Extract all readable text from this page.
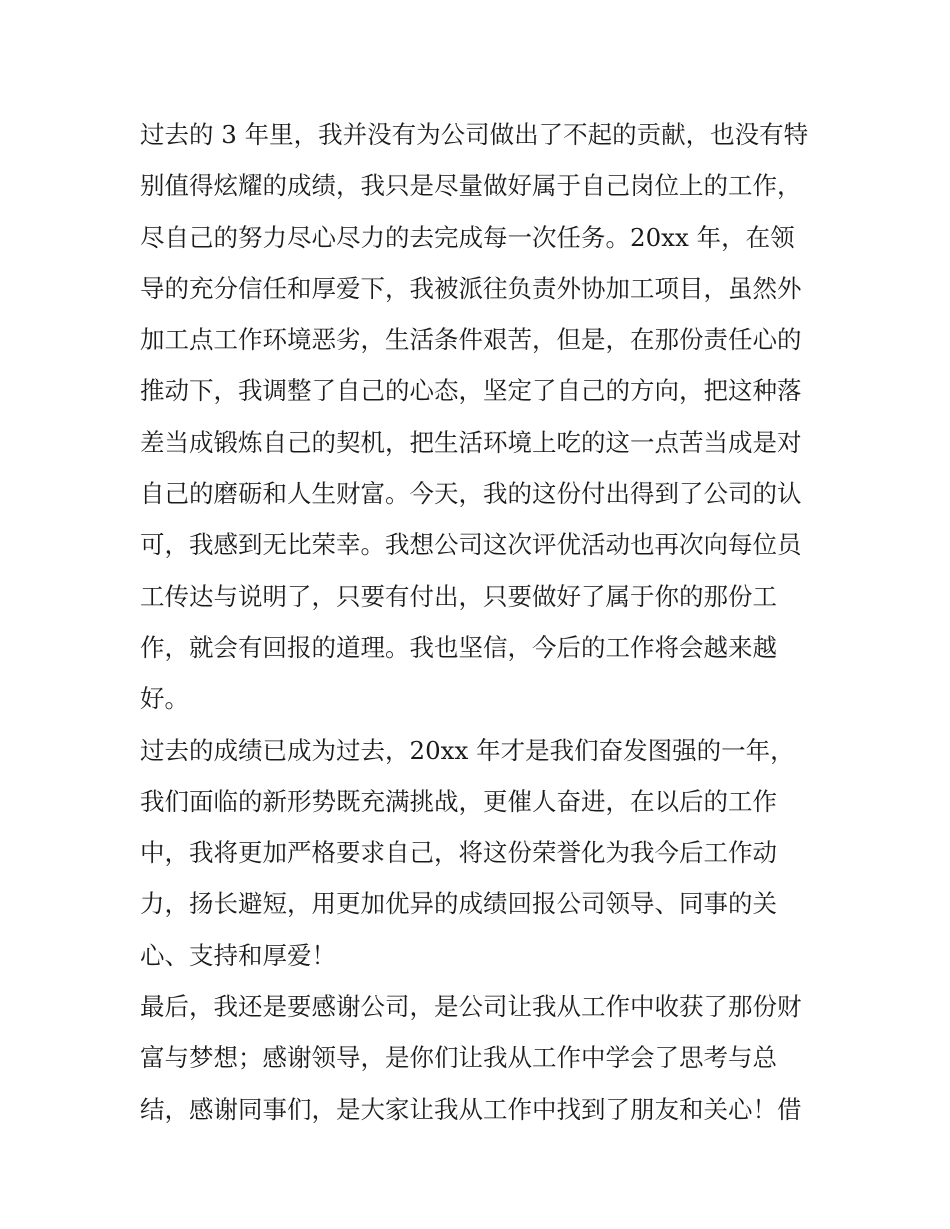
过去的 3 年里，我并没有为公司做出了不起的贡献，也没有特
别值得炫耀的成绩，我只是尽量做好属于自己岗位上的工作，
尽自己的努力尽心尽力的去完成每一次任务。20xx 年，在领
导的充分信任和厚爱下，我被派往负责外协加工项目，虽然外
加工点工作环境恶劣，生活条件艰苦，但是，在那份责任心的
推动下，我调整了自己的心态，坚定了自己的方向，把这种落
差当成锻炼自己的契机，把生活环境上吃的这一点苦当成是对
自己的磨砺和人生财富。今天，我的这份付出得到了公司的认
可，我感到无比荣幸。我想公司这次评优活动也再次向每位员
工传达与说明了，只要有付出，只要做好了属于你的那份工
作，就会有回报的道理。我也坚信，今后的工作将会越来越
好。
过去的成绩已成为过去，20xx 年才是我们奋发图强的一年，
我们面临的新形势既充满挑战，更催人奋进，在以后的工作
中，我将更加严格要求自己，将这份荣誉化为我今后工作动
力，扬长避短，用更加优异的成绩回报公司领导、同事的关
心、支持和厚爱！
最后，我还是要感谢公司，是公司让我从工作中收获了那份财
富与梦想；感谢领导，是你们让我从工作中学会了思考与总
结，感谢同事们，是大家让我从工作中找到了朋友和关心！借
